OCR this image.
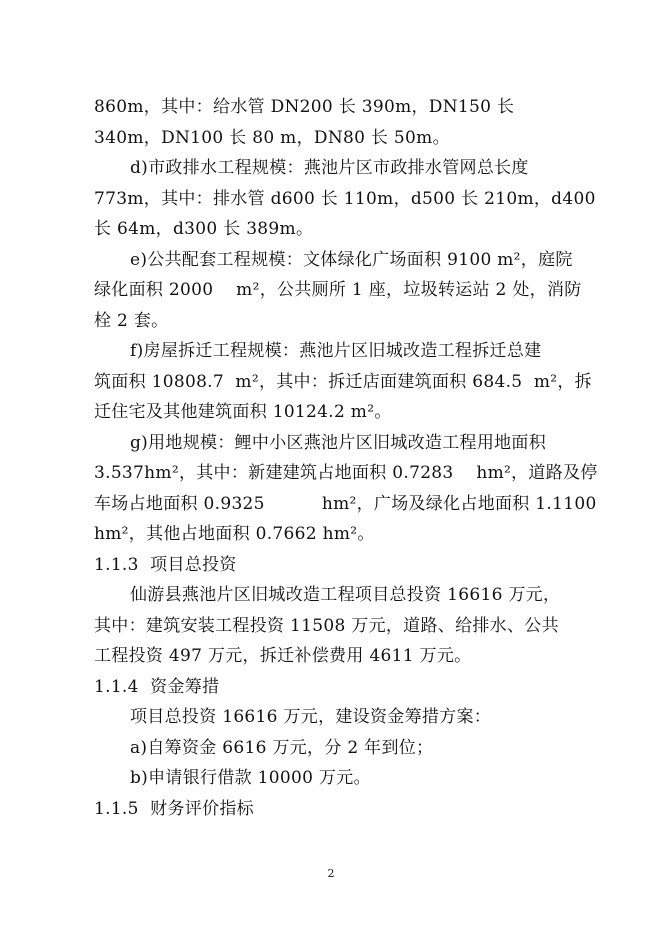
860m，其中：给水管 DN200 长 390m，DN150 长
340m，DN100 长 80 m，DN80 长 50m。
d)市政排水工程规模：燕池片区市政排水管网总长度
773m，其中：排水管 d600 长 110m，d500 长 210m，d400
长 64m，d300 长 389m。
e)公共配套工程规模：文体绿化广场面积 9100 m²，庭院
绿化面积 2000    m²，公共厕所 1 座，垃圾转运站 2 处，消防
栓 2 套。
f)房屋拆迁工程规模：燕池片区旧城改造工程拆迁总建
筑面积 10808.7  m²，其中：拆迁店面建筑面积 684.5  m²，拆
迁住宅及其他建筑面积 10124.2 m²。
g)用地规模：鲤中小区燕池片区旧城改造工程用地面积
3.537hm²，其中：新建建筑占地面积 0.7283    hm²，道路及停
车场占地面积 0.9325          hm²，广场及绿化占地面积 1.1100
hm²，其他占地面积 0.7662 hm²。
1.1.3  项目总投资
仙游县燕池片区旧城改造工程项目总投资 16616 万元，
其中：建筑安装工程投资 11508 万元，道路、给排水、公共
工程投资 497 万元，拆迁补偿费用 4611 万元。
1.1.4  资金筹措
项目总投资 16616 万元，建设资金筹措方案：
a)自筹资金 6616 万元，分 2 年到位；
b)申请银行借款 10000 万元。
1.1.5  财务评价指标
2
